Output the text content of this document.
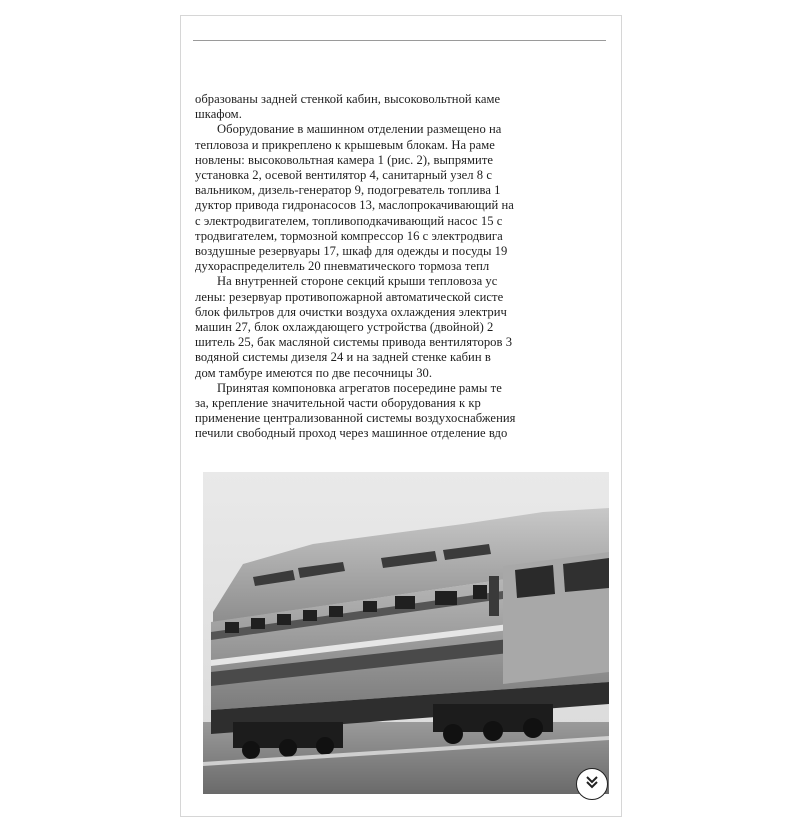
образованы задней стенкой кабин, высоковольтной каме
шкафом.
Оборудование в машинном отделении размещено на
тепловоза и прикреплено к крышевым блокам. На раме
новлены: высоковольтная камера 1 (рис. 2), выпрямите
установка 2, осевой вентилятор 4, санитарный узел 8 с
вальником, дизель-генератор 9, подогреватель топлива 1
дуктор привода гидронасосов 13, маслопрокачивающий на
с электродвигателем, топливоподкачивающий насос 15 с
тродвигателем, тормозной компрессор 16 с электродвига
воздушные резервуары 17, шкаф для одежды и посуды 19
духораспределитель 20 пневматического тормоза тепл
На внутренней стороне секций крыши тепловоза ус
лены: резервуар противопожарной автоматической систе
блок фильтров для очистки воздуха охлаждения электрич
машин 27, блок охлаждающего устройства (двойной) 2
шитель 25, бак масляной системы привода вентиляторов 3
водяной системы дизеля 24 и на задней стенке кабин в
дом тамбуре имеются по две песочницы 30.
Принятая компоновка агрегатов посередине рамы те
за, крепление значительной части оборудования к кр
применение централизованной системы воздухоснабжения
печили свободный проход через машинное отделение вдо
